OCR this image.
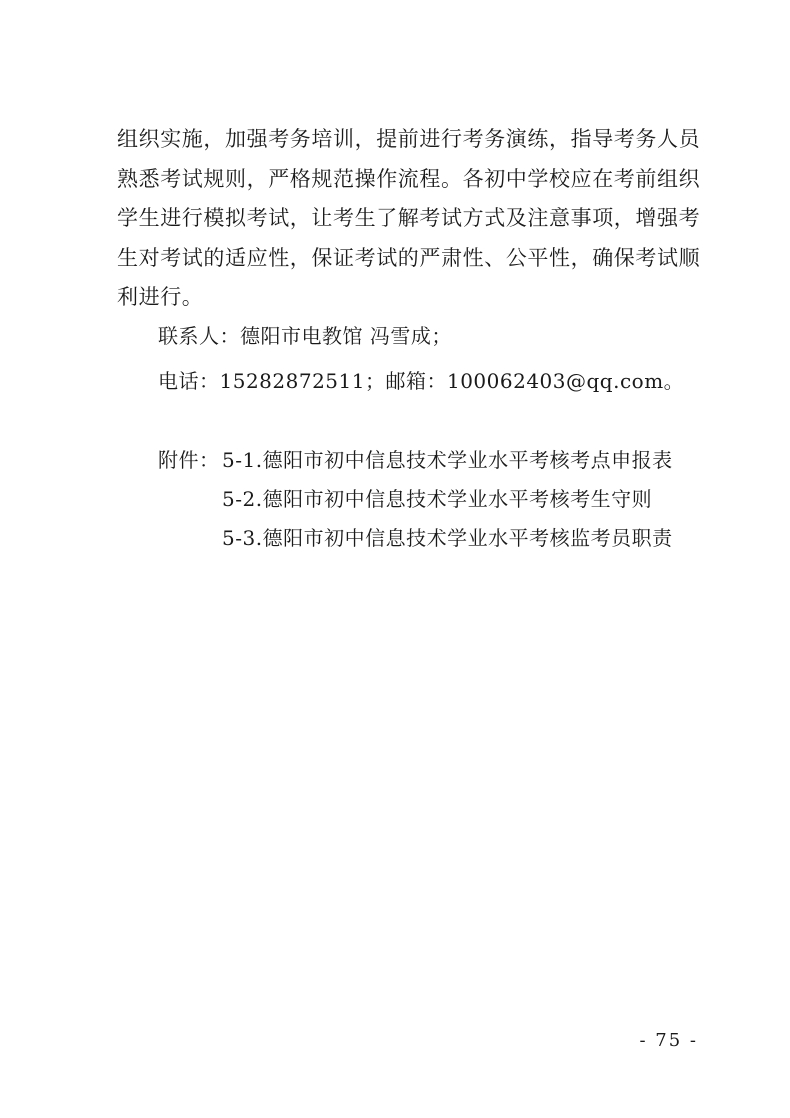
组织实施，加强考务培训，提前进行考务演练，指导考务人员
熟悉考试规则，严格规范操作流程。各初中学校应在考前组织
学生进行模拟考试，让考生了解考试方式及注意事项，增强考
生对考试的适应性，保证考试的严肃性、公平性，确保考试顺
利进行。

联系人：德阳市电教馆 冯雪成；

电话：15282872511；邮箱：100062403@qq.com。

附件： 5-1.德阳市初中信息技术学业水平考核考点申报表
5-2.德阳市初中信息技术学业水平考核考生守则
5-3.德阳市初中信息技术学业水平考核监考员职责
- 75 -
